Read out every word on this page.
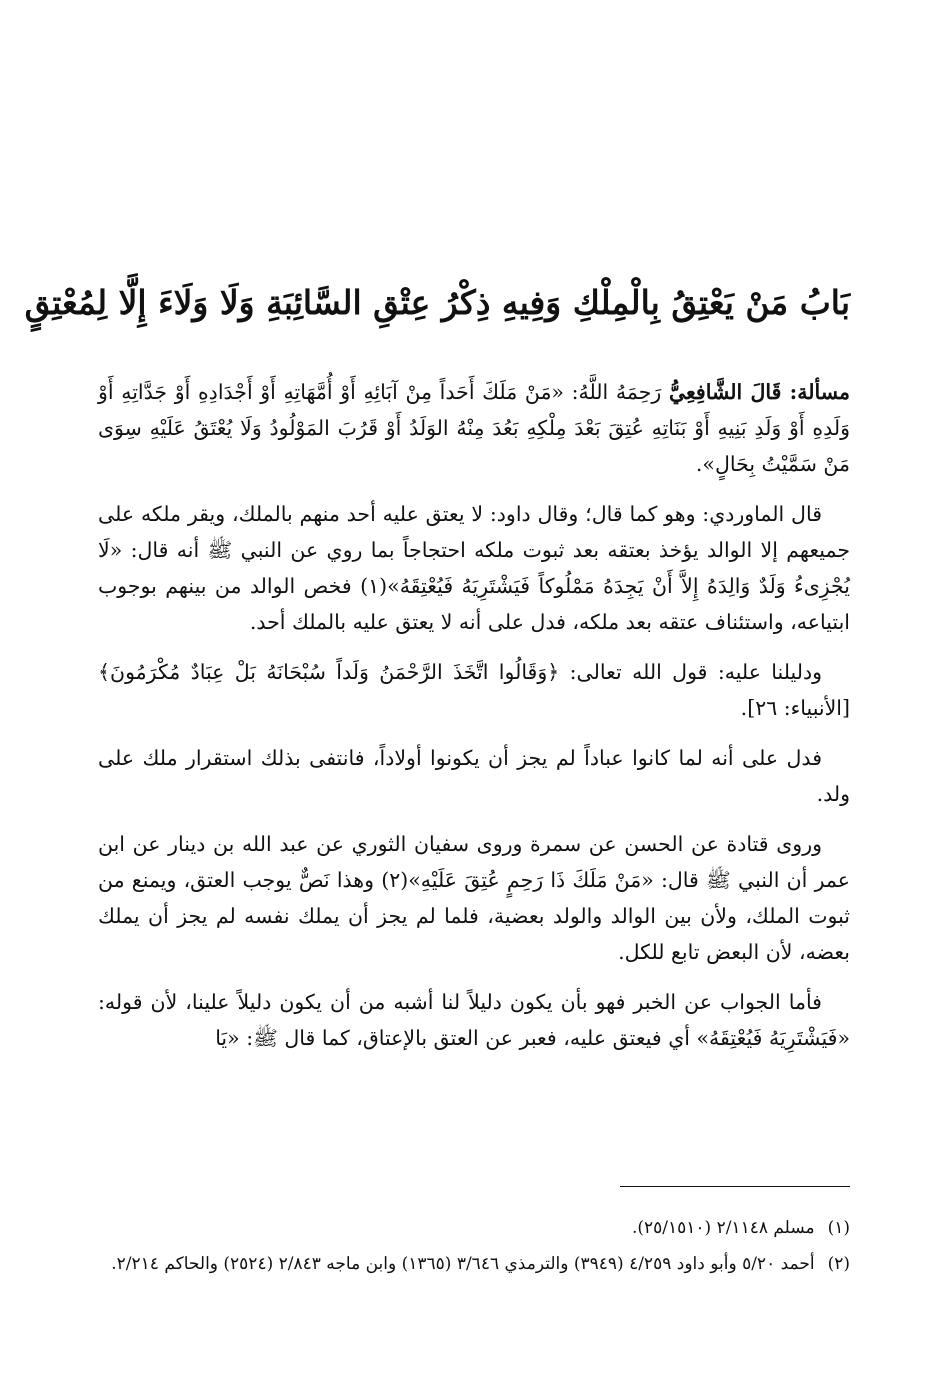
بَابُ مَنْ يَعْتِقُ بِالْمِلْكِ وَفِيهِ ذِكْرُ عِتْقِ السَّائِبَةِ وَلَا وَلَاءَ إِلَّا لِمُعْتِقٍ

مسألة: قَالَ الشَّافِعِيُّ رَحِمَهُ اللَّهُ: «مَنْ مَلَكَ أَحَداً مِنْ آبَائِهِ أَوْ أُمَّهَاتِهِ أَوْ أَجْدَادِهِ أَوْ جَدَّاتِهِ أَوْ وَلَدِهِ أَوْ وَلَدِ بَنِيهِ أَوْ بَنَاتِهِ عُتِقَ بَعْدَ مِلْكِهِ بَعُدَ مِنْهُ الوَلَدُ أَوْ قَرُبَ المَوْلُودُ وَلَا يُعْتَقُ عَلَيْهِ سِوَى مَنْ سَمَّيْتُ بِحَالٍ».

قال الماوردي: وهو كما قال؛ وقال داود: لا يعتق عليه أحد منهم بالملك، ويقر ملكه على جميعهم إلا الوالد يؤخذ بعتقه بعد ثبوت ملكه احتجاجاً بما روي عن النبي ﷺ أنه قال: «لَا يُجْزِىءُ وَلَدٌ وَالِدَهُ إِلاَّ أَنْ يَجِدَهُ مَمْلُوكاً فَيَشْتَرِيَهُ فَيُعْتِقَهُ»(١) فخص الوالد من بينهم بوجوب ابتياعه، واستئناف عتقه بعد ملكه، فدل على أنه لا يعتق عليه بالملك أحد.

ودليلنا عليه: قول الله تعالى: ﴿وَقَالُوا اتَّخَذَ الرَّحْمَنُ وَلَداً سُبْحَانَهُ بَلْ عِبَادٌ مُكْرَمُونَ﴾ [الأنبياء: ٢٦].

فدل على أنه لما كانوا عباداً لم يجز أن يكونوا أولاداً، فانتفى بذلك استقرار ملك على ولد.

وروى قتادة عن الحسن عن سمرة وروى سفيان الثوري عن عبد الله بن دينار عن ابن عمر أن النبي ﷺ قال: «مَنْ مَلَكَ ذَا رَحِمٍ عُتِقَ عَلَيْهِ»(٢) وهذا نَصٌّ يوجب العتق، ويمنع من ثبوت الملك، ولأن بين الوالد والولد بعضية، فلما لم يجز أن يملك نفسه لم يجز أن يملك بعضه، لأن البعض تابع للكل.

فأما الجواب عن الخبر فهو بأن يكون دليلاً لنا أشبه من أن يكون دليلاً علينا، لأن قوله: «فَيَشْتَرِيَهُ فَيُعْتِقَهُ» أي فيعتق عليه، فعبر عن العتق بالإعتاق، كما قال ﷺ: «يَا

(١) مسلم ٢/١١٤٨ (٢٥/١٥١٠).

(٢) أحمد ٥/٢٠ وأبو داود ٤/٢٥٩ (٣٩٤٩) والترمذي ٣/٦٤٦ (١٣٦٥) وابن ماجه ٢/٨٤٣ (٢٥٢٤) والحاكم ٢/٢١٤.
